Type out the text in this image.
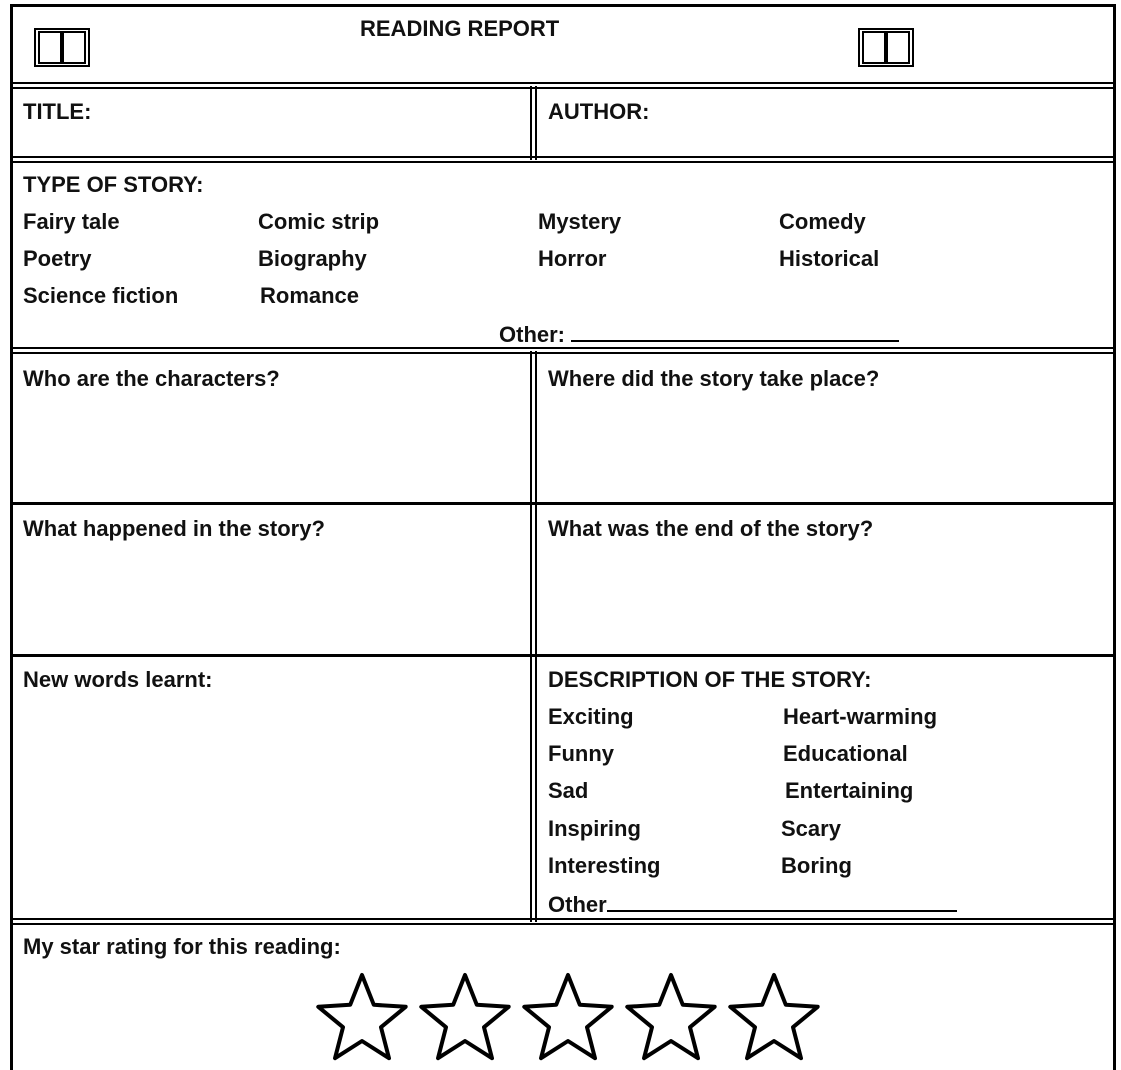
READING REPORT
TITLE:	AUTHOR:
TYPE OF STORY:
Fairy tale	Comic strip	Mystery	Comedy
Poetry	Biography	Horror	Historical
Science fiction	Romance
Other:
Who are the characters?	Where did the story take place?
What happened in the story?	What was the end of the story?
New words learnt:	DESCRIPTION OF THE STORY:
Exciting	Heart-warming
Funny	Educational
Sad	Entertaining
Inspiring	Scary
Interesting	Boring
Other
My star rating for this reading:
